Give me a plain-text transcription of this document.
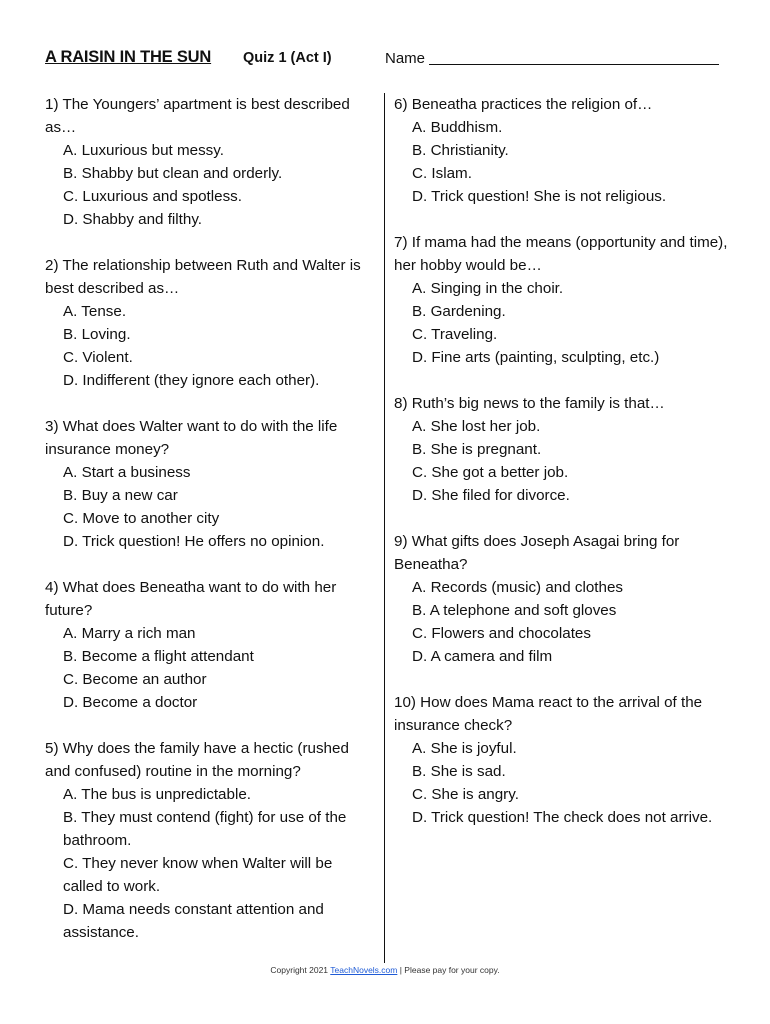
A RAISIN IN THE SUN Quiz 1 (Act I)	Name
1) The Youngers’ apartment is best described as…
A. Luxurious but messy.
B. Shabby but clean and orderly.
C. Luxurious and spotless.
D. Shabby and filthy.
2) The relationship between Ruth and Walter is best described as…
A. Tense.
B. Loving.
C. Violent.
D. Indifferent (they ignore each other).
3) What does Walter want to do with the life insurance money?
A. Start a business
B. Buy a new car
C. Move to another city
D. Trick question! He offers no opinion.
4) What does Beneatha want to do with her future?
A. Marry a rich man
B. Become a flight attendant
C. Become an author
D. Become a doctor
5) Why does the family have a hectic (rushed and confused) routine in the morning?
A. The bus is unpredictable.
B. They must contend (fight) for use of the bathroom.
C. They never know when Walter will be called to work.
D. Mama needs constant attention and assistance.
6) Beneatha practices the religion of…
A. Buddhism.
B. Christianity.
C. Islam.
D. Trick question! She is not religious.
7) If mama had the means (opportunity and time), her hobby would be…
A. Singing in the choir.
B. Gardening.
C. Traveling.
D. Fine arts (painting, sculpting, etc.)
8) Ruth’s big news to the family is that…
A. She lost her job.
B. She is pregnant.
C. She got a better job.
D. She filed for divorce.
9) What gifts does Joseph Asagai bring for Beneatha?
A. Records (music) and clothes
B. A telephone and soft gloves
C. Flowers and chocolates
D. A camera and film
10) How does Mama react to the arrival of the insurance check?
A. She is joyful.
B. She is sad.
C. She is angry.
D. Trick question! The check does not arrive.
Copyright 2021 TeachNovels.com | Please pay for your copy.
